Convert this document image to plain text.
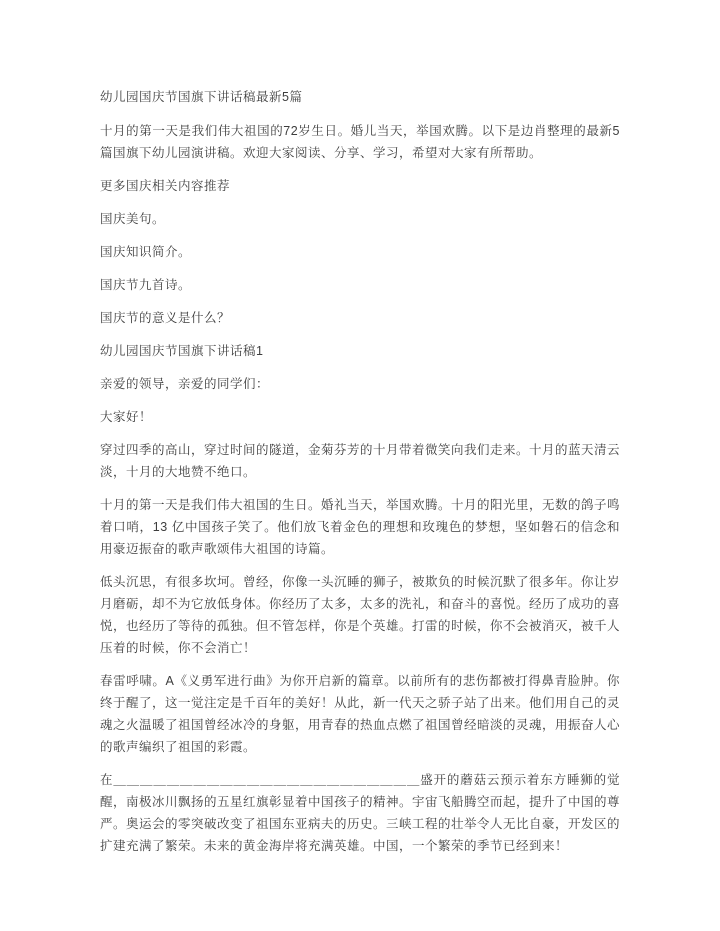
幼儿园国庆节国旗下讲话稿最新5篇

十月的第一天是我们伟大祖国的72岁生日。婚儿当天，举国欢腾。以下是边肖整理的最新5篇国旗下幼儿园演讲稿。欢迎大家阅读、分享、学习，希望对大家有所帮助。

更多国庆相关内容推荐

国庆美句。

国庆知识简介。

国庆节九首诗。

国庆节的意义是什么？

幼儿园国庆节国旗下讲话稿1

亲爱的领导，亲爱的同学们：

大家好！

穿过四季的高山，穿过时间的隧道，金菊芬芳的十月带着微笑向我们走来。十月的蓝天清云淡，十月的大地赞不绝口。

十月的第一天是我们伟大祖国的生日。婚礼当天，举国欢腾。十月的阳光里，无数的鸽子鸣着口哨，13 亿中国孩子笑了。他们放飞着金色的理想和玫瑰色的梦想，坚如磐石的信念和用豪迈振奋的歌声歌颂伟大祖国的诗篇。

低头沉思，有很多坎坷。曾经，你像一头沉睡的狮子，被欺负的时候沉默了很多年。你让岁月磨砺，却不为它放低身体。你经历了太多，太多的洗礼，和奋斗的喜悦。经历了成功的喜悦，也经历了等待的孤独。但不管怎样，你是个英雄。打雷的时候，你不会被消灭，被千人压着的时候，你不会消亡！

春雷呼啸。A《义勇军进行曲》为你开启新的篇章。以前所有的悲伤都被打得鼻青脸肿。你终于醒了，这一觉注定是千百年的美好！从此，新一代天之骄子站了出来。他们用自己的灵魂之火温暖了祖国曾经冰冷的身躯，用青春的热血点燃了祖国曾经暗淡的灵魂，用振奋人心的歌声编织了祖国的彩霞。

在＿＿＿＿＿＿＿＿＿＿＿＿＿＿＿＿＿＿＿＿＿＿＿盛开的蘑菇云预示着东方睡狮的觉醒，南极冰川飘扬的五星红旗彰显着中国孩子的精神。宇宙飞船腾空而起，提升了中国的尊严。奥运会的零突破改变了祖国东亚病夫的历史。三峡工程的壮举令人无比自豪，开发区的扩建充满了繁荣。未来的黄金海岸将充满英雄。中国，一个繁荣的季节已经到来！
